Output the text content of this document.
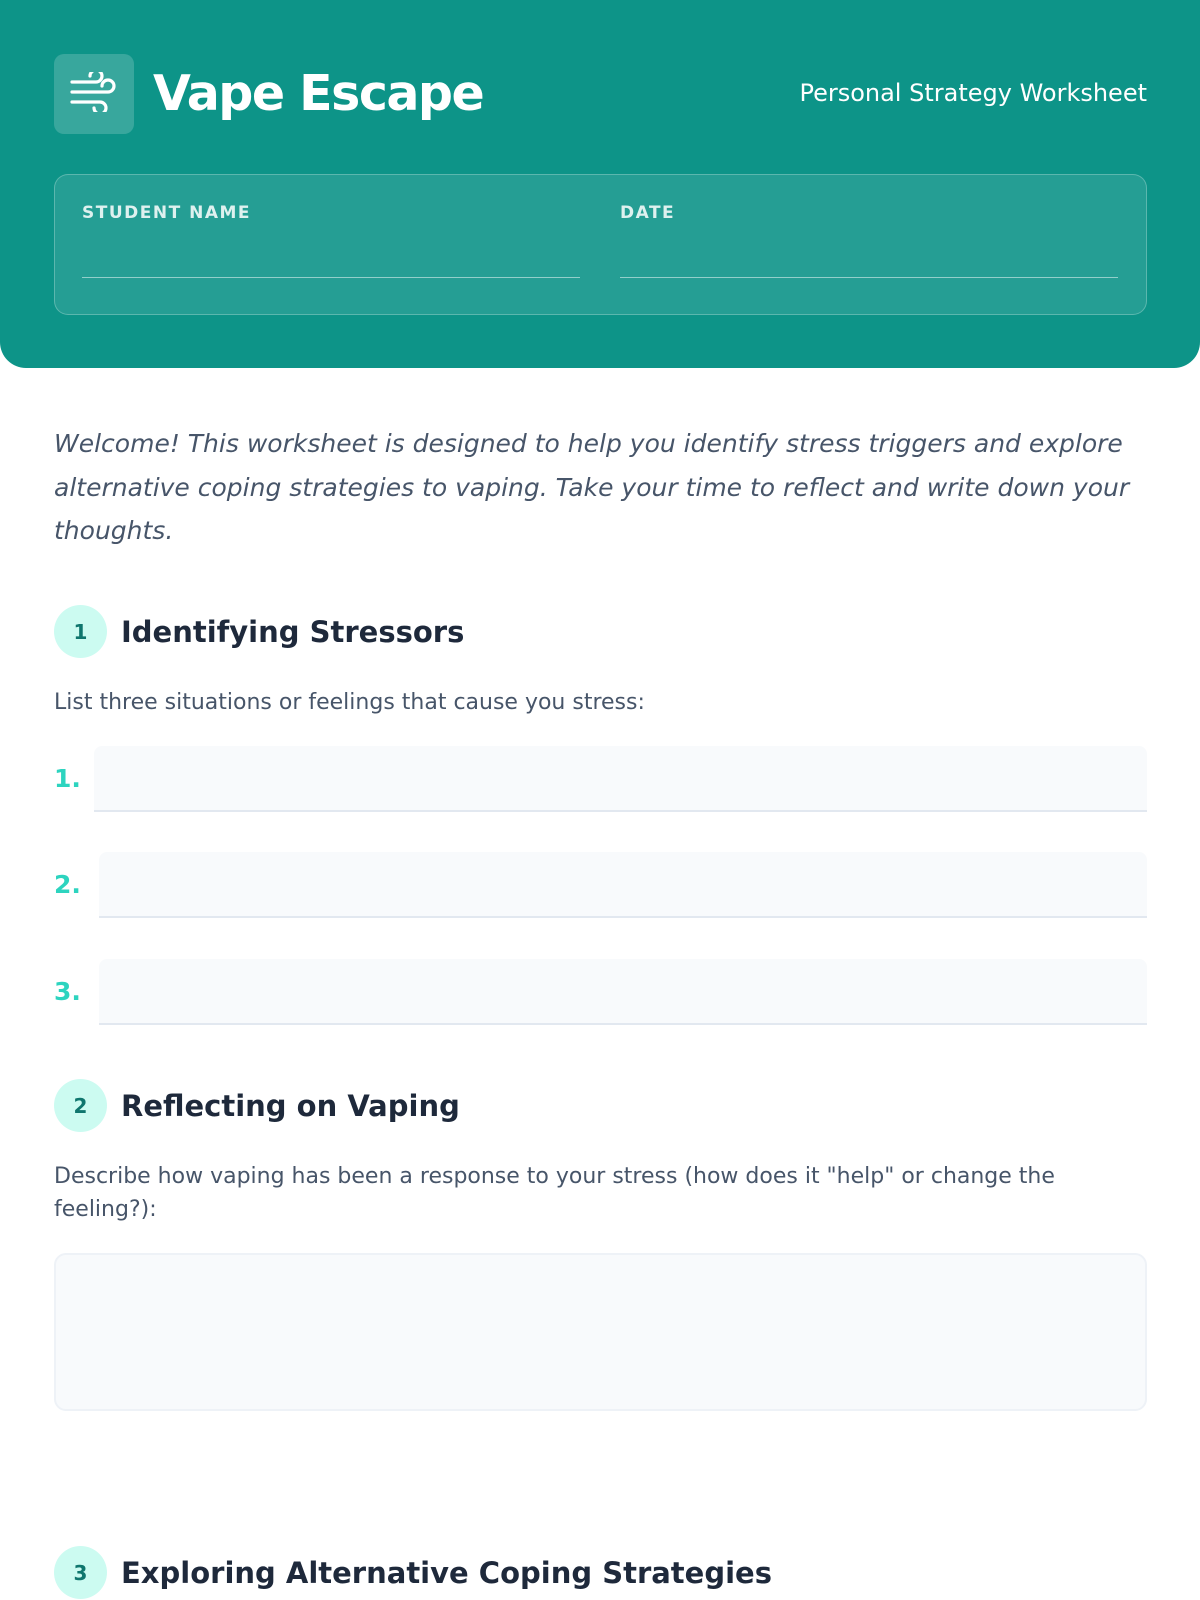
Vape Escape	Personal Strategy Worksheet
STUDENT NAME	DATE

Welcome! This worksheet is designed to help you identify stress triggers and explore alternative coping strategies to vaping. Take your time to reflect and write down your thoughts.

1	Identifying Stressors

List three situations or feelings that cause you stress:

1.
2.
3.
2	Reflecting on Vaping

Describe how vaping has been a response to your stress (how does it "help" or change the feeling?):

3	Exploring Alternative Coping Strategies
